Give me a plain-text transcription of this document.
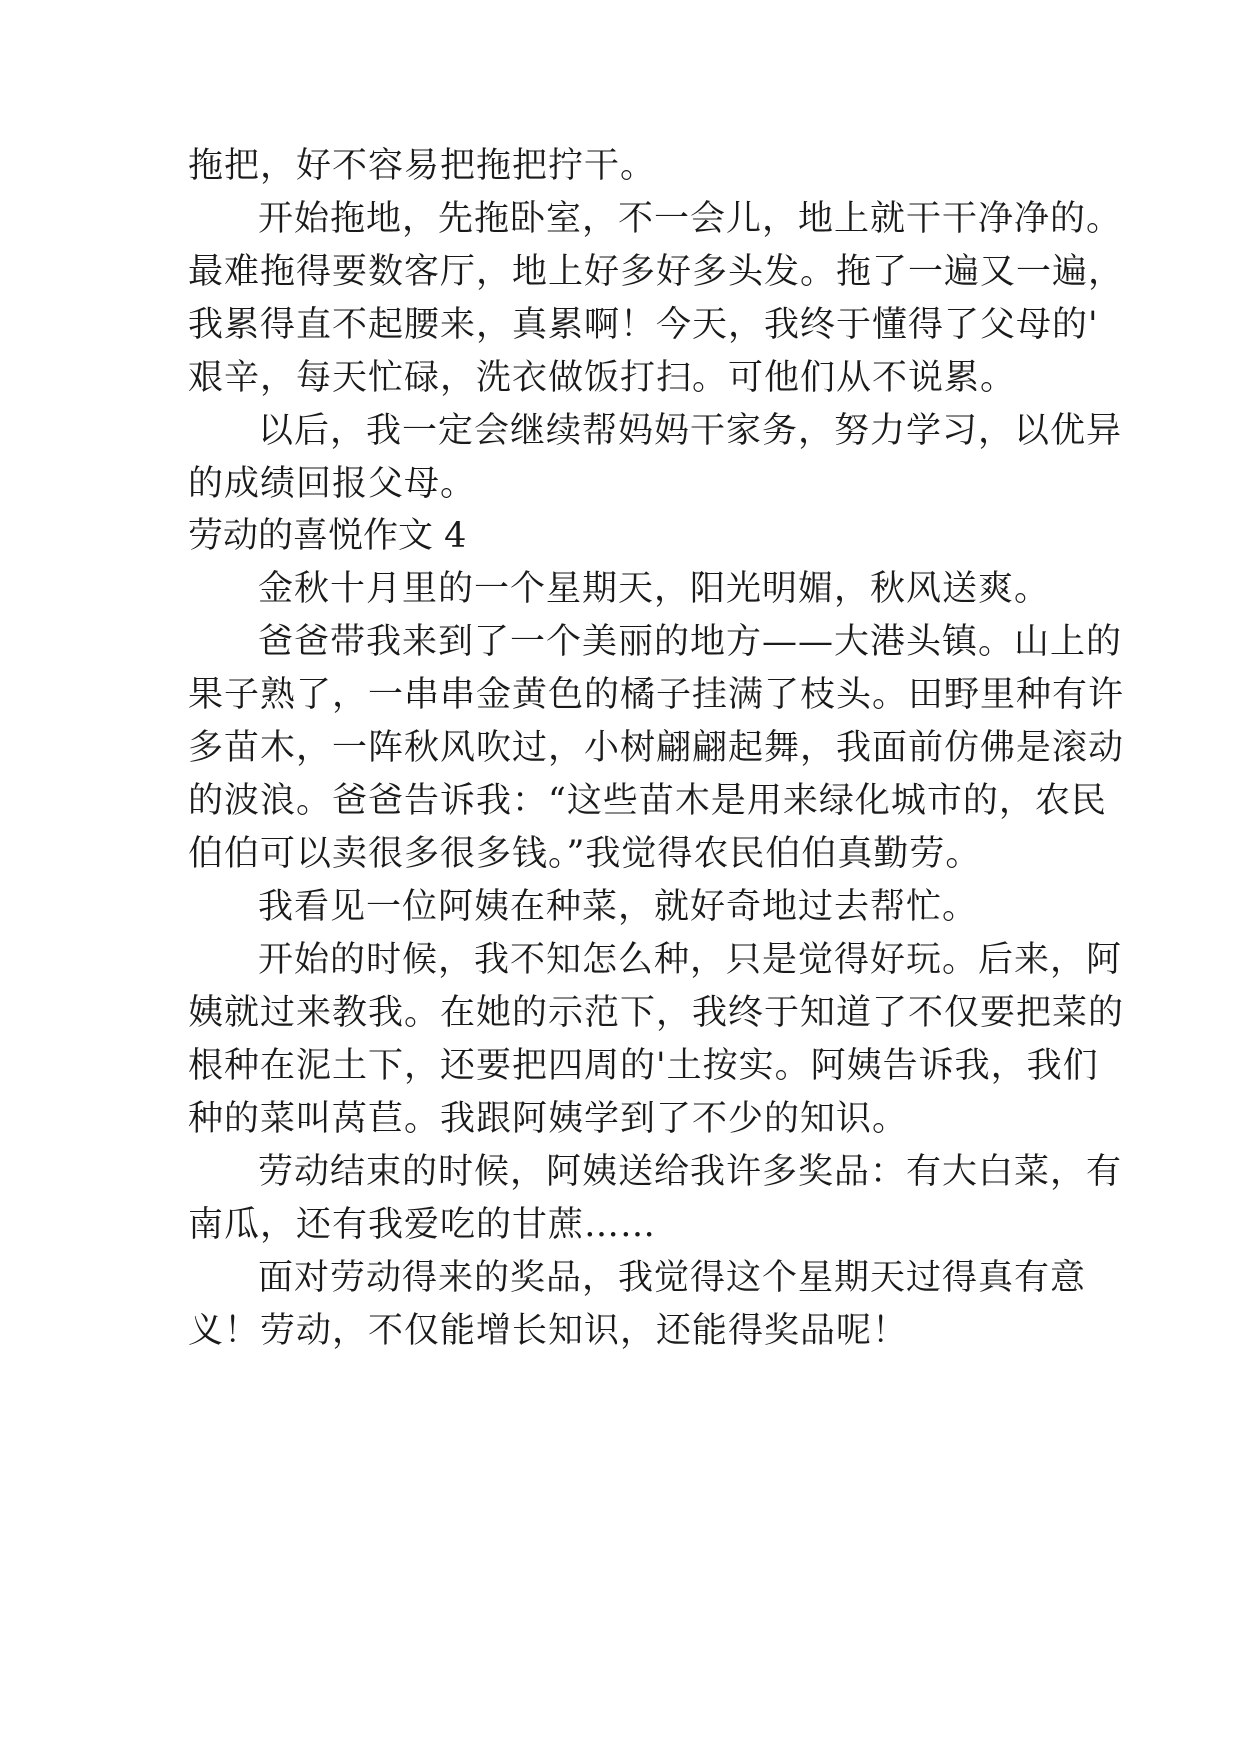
拖把，好不容易把拖把拧干。
开始拖地，先拖卧室，不一会儿，地上就干干净净的。
最难拖得要数客厅，地上好多好多头发。拖了一遍又一遍，
我累得直不起腰来，真累啊！今天，我终于懂得了父母的'
艰辛，每天忙碌，洗衣做饭打扫。可他们从不说累。
以后，我一定会继续帮妈妈干家务，努力学习，以优异
的成绩回报父母。
劳动的喜悦作文 4
金秋十月里的一个星期天，阳光明媚，秋风送爽。
爸爸带我来到了一个美丽的地方——大港头镇。山上的
果子熟了，一串串金黄色的橘子挂满了枝头。田野里种有许
多苗木，一阵秋风吹过，小树翩翩起舞，我面前仿佛是滚动
的波浪。爸爸告诉我：“这些苗木是用来绿化城市的，农民
伯伯可以卖很多很多钱。”我觉得农民伯伯真勤劳。
我看见一位阿姨在种菜，就好奇地过去帮忙。
开始的时候，我不知怎么种，只是觉得好玩。后来，阿
姨就过来教我。在她的示范下，我终于知道了不仅要把菜的
根种在泥土下，还要把四周的'土按实。阿姨告诉我，我们
种的菜叫莴苣。我跟阿姨学到了不少的知识。
劳动结束的时候，阿姨送给我许多奖品：有大白菜，有
南瓜，还有我爱吃的甘蔗……
面对劳动得来的奖品，我觉得这个星期天过得真有意
义！劳动，不仅能增长知识，还能得奖品呢！
